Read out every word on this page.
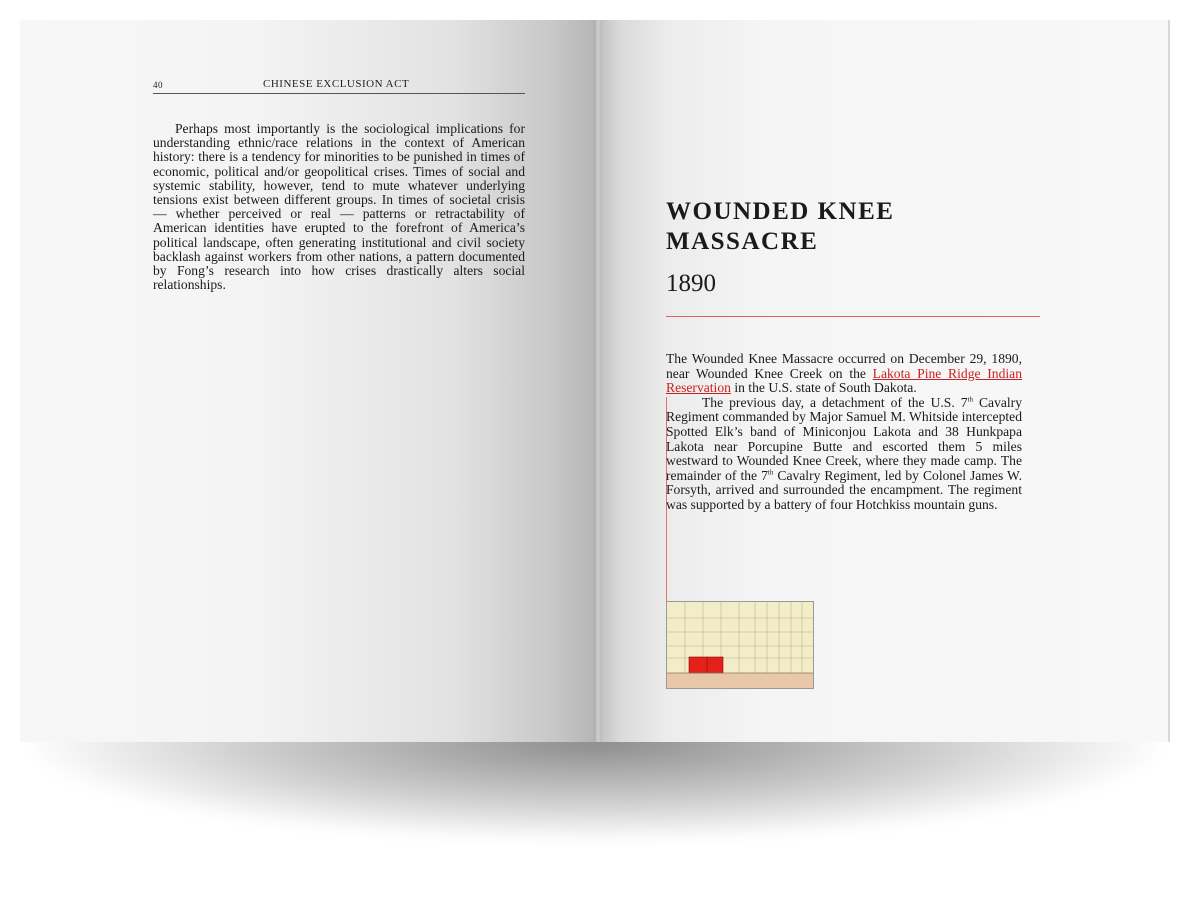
40	CHINESE EXCLUSION ACT

Perhaps most importantly is the sociological implications for understanding ethnic/race relations in the context of American history: there is a tendency for minorities to be punished in times of economic, political and/or geopolitical crises. Times of social and systemic stability, however, tend to mute whatever underlying tensions exist between different groups. In times of societal crisis — whether perceived or real — patterns or retractability of American identities have erupted to the forefront of America’s political landscape, often generating institutional and civil society backlash against workers from other nations, a pattern documented by Fong’s research into how crises drastically alters social relationships.

WOUNDED KNEE MASSACRE

1890

The Wounded Knee Massacre occurred on December 29, 1890, near Wounded Knee Creek on the Lakota Pine Ridge Indian Reservation in the U.S. state of South Dakota.

The previous day, a detachment of the U.S. 7th Cavalry Regiment commanded by Major Samuel M. Whitside intercepted Spotted Elk’s band of Miniconjou Lakota and 38 Hunkpapa Lakota near Porcupine Butte and escorted them 5 miles westward to Wounded Knee Creek, where they made camp. The remainder of the 7th Cavalry Regiment, led by Colonel James W. Forsyth, arrived and surrounded the encampment. The regiment was supported by a battery of four Hotchkiss mountain guns.
